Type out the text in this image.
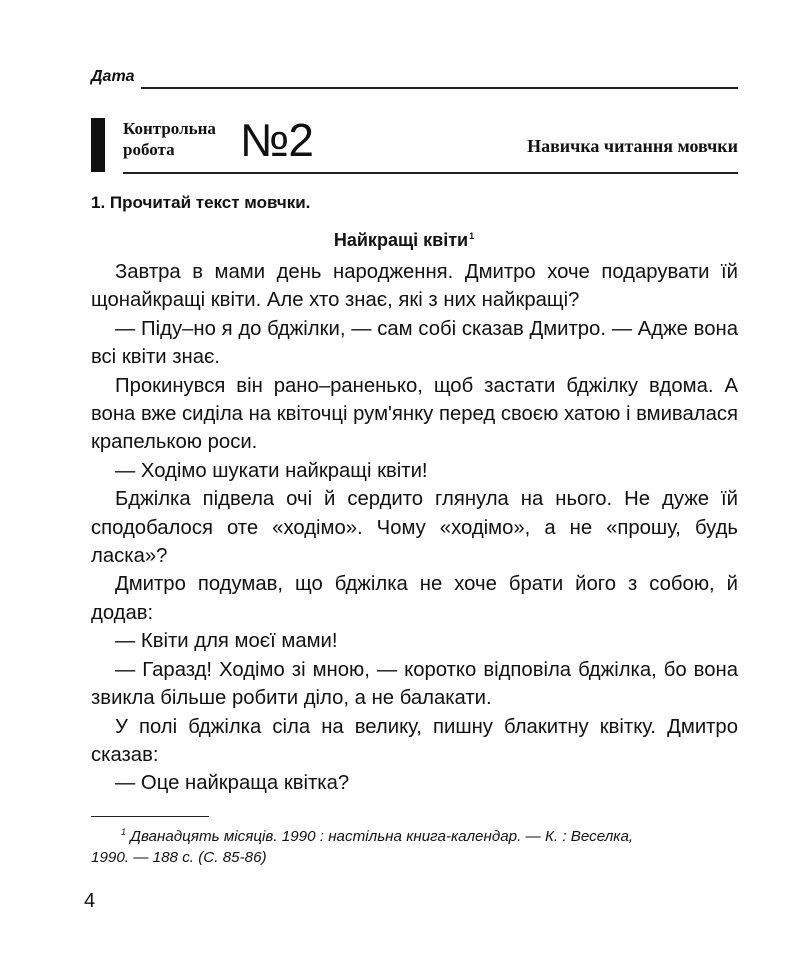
Дата
Контрольна
робота	№2	Навичка читання мовчки
1. Прочитай текст мовчки.
Найкращі квіти$^1$

Завтра в мами день народження. Дмитро хоче подарувати їй щонайкращі квіти. Але хто знає, які з них найкращі?

— Піду–но я до бджілки, — сам собі сказав Дмитро. — Адже вона всі квіти знає.

Прокинувся він рано–раненько, щоб застати бджілку вдома. А вона вже сиділа на квіточці рум'янку перед своєю хатою і вмивалася крапелькою роси.

— Ходімо шукати найкращі квіти!

Бджілка підвела очі й сердито глянула на нього. Не дуже їй сподобалося оте «ходімо». Чому «ходімо», а не «прошу, будь ласка»?

Дмитро подумав, що бджілка не хоче брати його з собою, й додав:

— Квіти для моєї мами!

— Гаразд! Ходімо зі мною, — коротко відповіла бджілка, бо вона звикла більше робити діло, а не балакати.

У полі бджілка сіла на велику, пишну блакитну квітку. Дмитро сказав:

— Оце найкраща квітка?

$^1$ Дванадцять місяців. 1990 : настільна книга-календар. — К. : Веселка,
1990. — 188 с. (С. 85-86)
4
